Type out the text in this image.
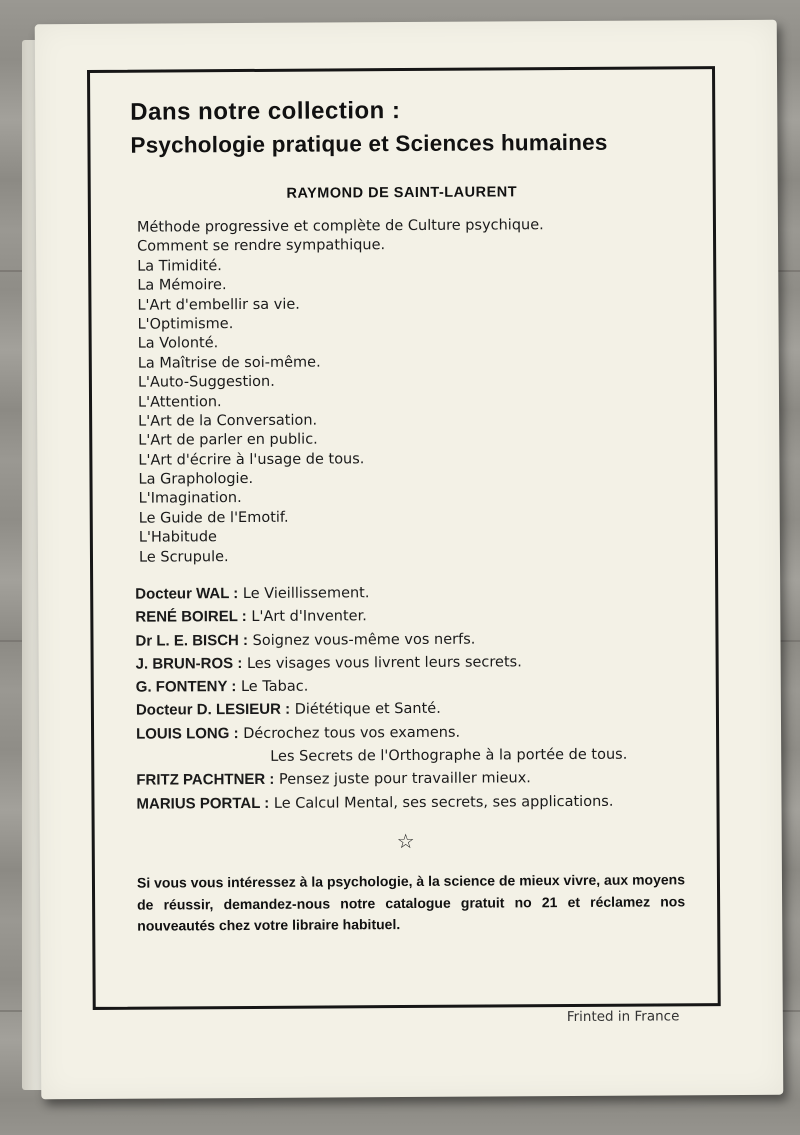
Dans notre collection :
Psychologie pratique et Sciences humaines
RAYMOND DE SAINT-LAURENT
Méthode progressive et complète de Culture psychique.
Comment se rendre sympathique.
La Timidité.
La Mémoire.
L'Art d'embellir sa vie.
L'Optimisme.
La Volonté.
La Maîtrise de soi-même.
L'Auto-Suggestion.
L'Attention.
L'Art de la Conversation.
L'Art de parler en public.
L'Art d'écrire à l'usage de tous.
La Graphologie.
L'Imagination.
Le Guide de l'Emotif.
L'Habitude
Le Scrupule.
Docteur WAL : Le Vieillissement.
RENÉ BOIREL : L'Art d'Inventer.
Dr L. E. BISCH : Soignez vous-même vos nerfs.
J. BRUN-ROS : Les visages vous livrent leurs secrets.
G. FONTENY : Le Tabac.
Docteur D. LESIEUR : Diététique et Santé.
LOUIS LONG : Décrochez tous vos examens.
Les Secrets de l'Orthographe à la portée de tous.
FRITZ PACHTNER : Pensez juste pour travailler mieux.
MARIUS PORTAL : Le Calcul Mental, ses secrets, ses applications.
☆
Si vous vous intéressez à la psychologie, à la science de mieux vivre, aux moyens de réussir, demandez-nous notre catalogue gratuit no 21 et réclamez nos nouveautés chez votre libraire habituel.
Frinted in France
